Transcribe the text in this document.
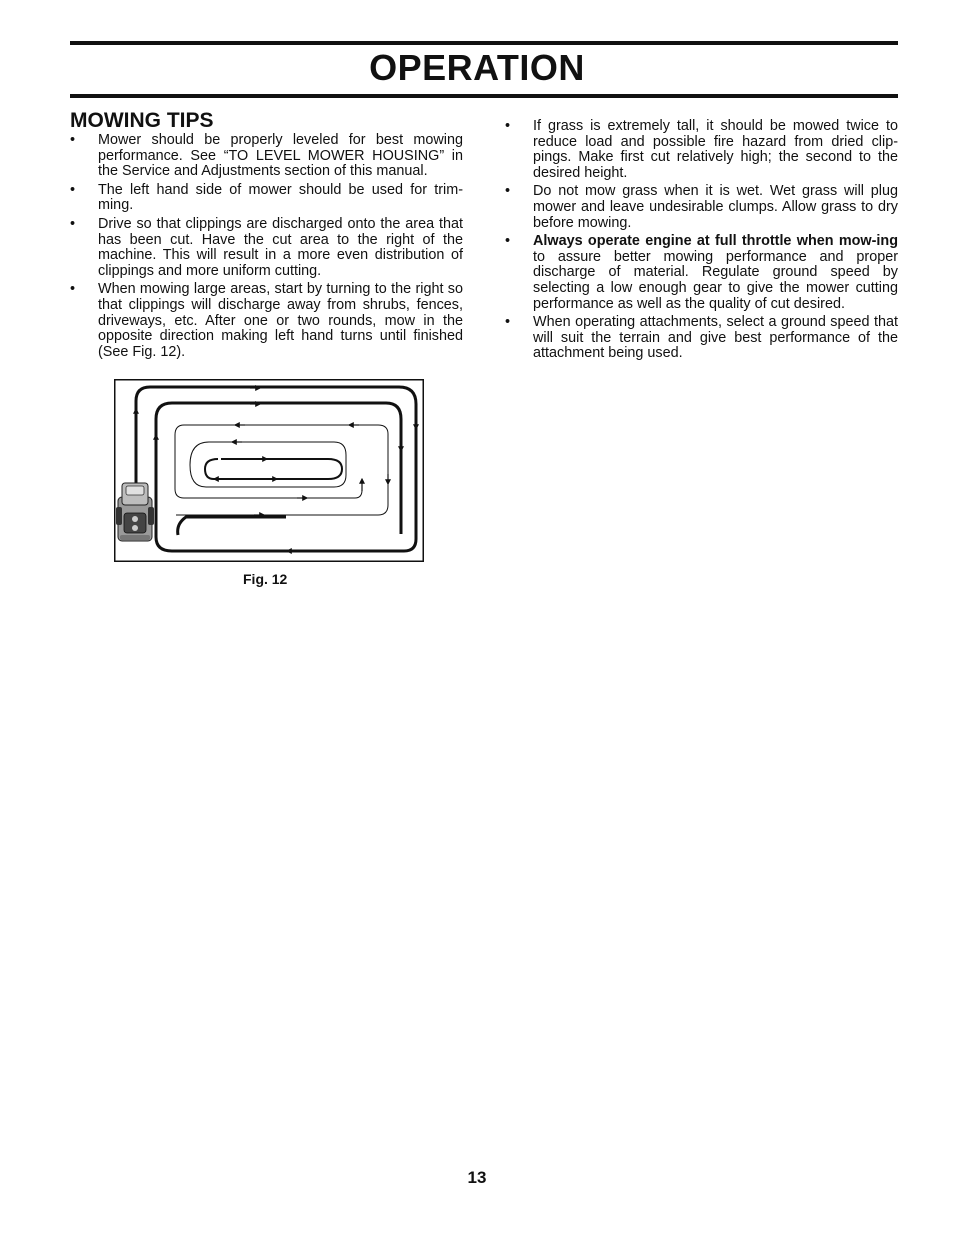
OPERATION
MOWING TIPS
• Mower should be properly leveled for best mowing performance. See “TO LEVEL MOWER HOUSING” in the Service and Adjustments section of this manual.
• The left hand side of mower should be used for trim-ming.
• Drive so that clippings are discharged onto the area that has been cut. Have the cut area to the right of the machine. This will result in a more even distribution of clippings and more uniform cutting.
• When mowing large areas, start by turning to the right so that clippings will discharge away from shrubs, fences, driveways, etc. After one or two rounds, mow in the opposite direction making left hand turns until finished (See Fig. 12).
• If grass is extremely tall, it should be mowed twice to reduce load and possible fire hazard from dried clip-pings. Make first cut relatively high; the second to the desired height.
• Do not mow grass when it is wet. Wet grass will plug mower and leave undesirable clumps. Allow grass to dry before mowing.
• Always operate engine at full throttle when mow-ing to assure better mowing performance and proper discharge of material. Regulate ground speed by selecting a low enough gear to give the mower cutting performance as well as the quality of cut desired.
• When operating attachments, select a ground speed that will suit the terrain and give best performance of the attachment being used.
Fig. 12
13
